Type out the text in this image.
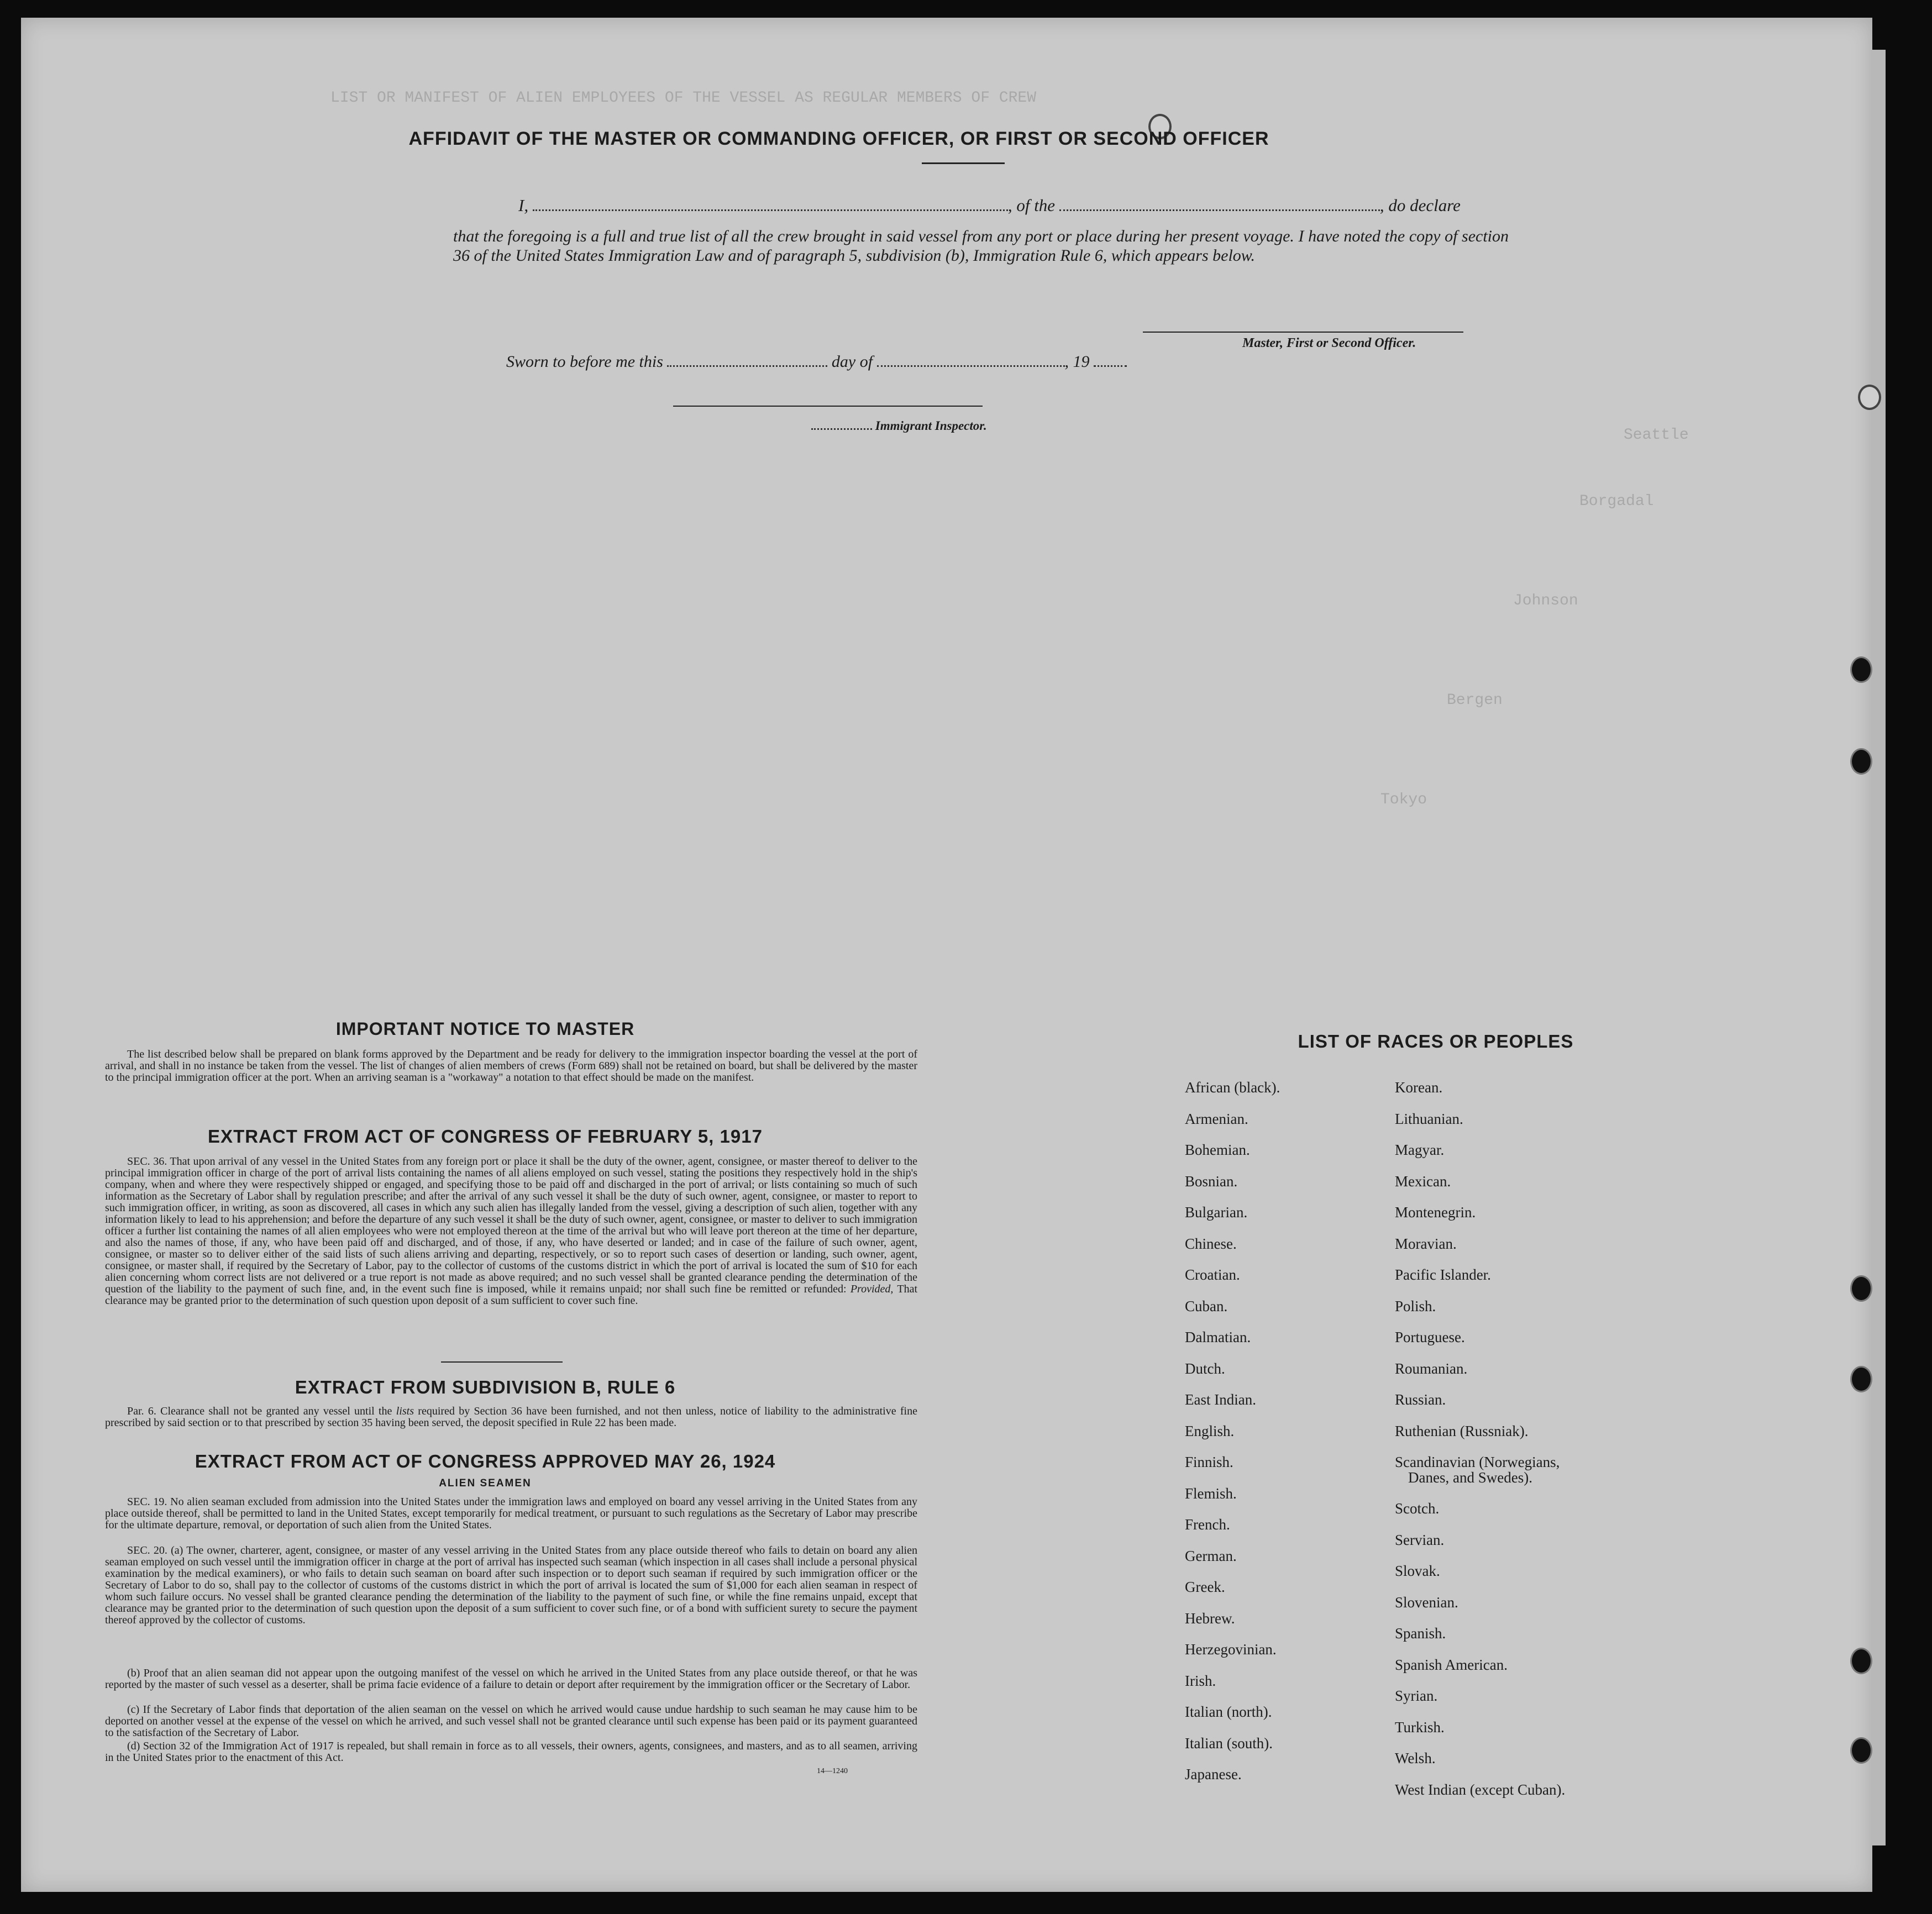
LIST OR MANIFEST OF ALIEN EMPLOYEES OF THE VESSEL AS REGULAR MEMBERS OF CREW
Seattle
Borgadal
Johnson
Bergen
Tokyo
AFFIDAVIT OF THE MASTER OR COMMANDING OFFICER, OR FIRST OR SECOND OFFICER
I,	, of the	, do declare
that the foregoing is a full and true list of all the crew brought in said vessel from any port or place during her present voyage. I have noted the copy of section 36 of the United States Immigration Law and of paragraph 5, subdivision (b), Immigration Rule 6, which appears below.
Master, First or Second Officer.
Sworn to before me this	day of	, 19
Immigrant Inspector.
IMPORTANT NOTICE TO MASTER
The list described below shall be prepared on blank forms approved by the Department and be ready for delivery to the immigration inspector boarding the vessel at the port of arrival, and shall in no instance be taken from the vessel. The list of changes of alien members of crews (Form 689) shall not be retained on board, but shall be delivered by the master to the principal immigration officer at the port. When an arriving seaman is a "workaway" a notation to that effect should be made on the manifest.
EXTRACT FROM ACT OF CONGRESS OF FEBRUARY 5, 1917
SEC. 36. That upon arrival of any vessel in the United States from any foreign port or place it shall be the duty of the owner, agent, consignee, or master thereof to deliver to the principal immigration officer in charge of the port of arrival lists containing the names of all aliens employed on such vessel, stating the positions they respectively hold in the ship's company, when and where they were respectively shipped or engaged, and specifying those to be paid off and discharged in the port of arrival; or lists containing so much of such information as the Secretary of Labor shall by regulation prescribe; and after the arrival of any such vessel it shall be the duty of such owner, agent, consignee, or master to report to such immigration officer, in writing, as soon as discovered, all cases in which any such alien has illegally landed from the vessel, giving a description of such alien, together with any information likely to lead to his apprehension; and before the departure of any such vessel it shall be the duty of such owner, agent, consignee, or master to deliver to such immigration officer a further list containing the names of all alien employees who were not employed thereon at the time of the arrival but who will leave port thereon at the time of her departure, and also the names of those, if any, who have been paid off and discharged, and of those, if any, who have deserted or landed; and in case of the failure of such owner, agent, consignee, or master so to deliver either of the said lists of such aliens arriving and departing, respectively, or so to report such cases of desertion or landing, such owner, agent, consignee, or master shall, if required by the Secretary of Labor, pay to the collector of customs of the customs district in which the port of arrival is located the sum of $10 for each alien concerning whom correct lists are not delivered or a true report is not made as above required; and no such vessel shall be granted clearance pending the determination of the question of the liability to the payment of such fine, and, in the event such fine is imposed, while it remains unpaid; nor shall such fine be remitted or refunded: Provided, That clearance may be granted prior to the determination of such question upon deposit of a sum sufficient to cover such fine.
EXTRACT FROM SUBDIVISION B, RULE 6
Par. 6. Clearance shall not be granted any vessel until the lists required by Section 36 have been furnished, and not then unless, notice of liability to the administrative fine prescribed by said section or to that prescribed by section 35 having been served, the deposit specified in Rule 22 has been made.
EXTRACT FROM ACT OF CONGRESS APPROVED MAY 26, 1924
ALIEN SEAMEN
SEC. 19. No alien seaman excluded from admission into the United States under the immigration laws and employed on board any vessel arriving in the United States from any place outside thereof, shall be permitted to land in the United States, except temporarily for medical treatment, or pursuant to such regulations as the Secretary of Labor may prescribe for the ultimate departure, removal, or deportation of such alien from the United States.
SEC. 20. (a) The owner, charterer, agent, consignee, or master of any vessel arriving in the United States from any place outside thereof who fails to detain on board any alien seaman employed on such vessel until the immigration officer in charge at the port of arrival has inspected such seaman (which inspection in all cases shall include a personal physical examination by the medical examiners), or who fails to detain such seaman on board after such inspection or to deport such seaman if required by such immigration officer or the Secretary of Labor to do so, shall pay to the collector of customs of the customs district in which the port of arrival is located the sum of $1,000 for each alien seaman in respect of whom such failure occurs. No vessel shall be granted clearance pending the determination of the liability to the payment of such fine, or while the fine remains unpaid, except that clearance may be granted prior to the determination of such question upon the deposit of a sum sufficient to cover such fine, or of a bond with sufficient surety to secure the payment thereof approved by the collector of customs.
(b) Proof that an alien seaman did not appear upon the outgoing manifest of the vessel on which he arrived in the United States from any place outside thereof, or that he was reported by the master of such vessel as a deserter, shall be prima facie evidence of a failure to detain or deport after requirement by the immigration officer or the Secretary of Labor.
(c) If the Secretary of Labor finds that deportation of the alien seaman on the vessel on which he arrived would cause undue hardship to such seaman he may cause him to be deported on another vessel at the expense of the vessel on which he arrived, and such vessel shall not be granted clearance until such expense has been paid or its payment guaranteed to the satisfaction of the Secretary of Labor.
(d) Section 32 of the Immigration Act of 1917 is repealed, but shall remain in force as to all vessels, their owners, agents, consignees, and masters, and as to all seamen, arriving in the United States prior to the enactment of this Act.
14—1240
LIST OF RACES OR PEOPLES
African (black).
Armenian.
Bohemian.
Bosnian.
Bulgarian.
Chinese.
Croatian.
Cuban.
Dalmatian.
Dutch.
East Indian.
English.
Finnish.
Flemish.
French.
German.
Greek.
Hebrew.
Herzegovinian.
Irish.
Italian (north).
Italian (south).
Japanese.
Korean.
Lithuanian.
Magyar.
Mexican.
Montenegrin.
Moravian.
Pacific Islander.
Polish.
Portuguese.
Roumanian.
Russian.
Ruthenian (Russniak).
Scandinavian (Norwegians,
Danes, and Swedes).
Scotch.
Servian.
Slovak.
Slovenian.
Spanish.
Spanish American.
Syrian.
Turkish.
Welsh.
West Indian (except Cuban).
